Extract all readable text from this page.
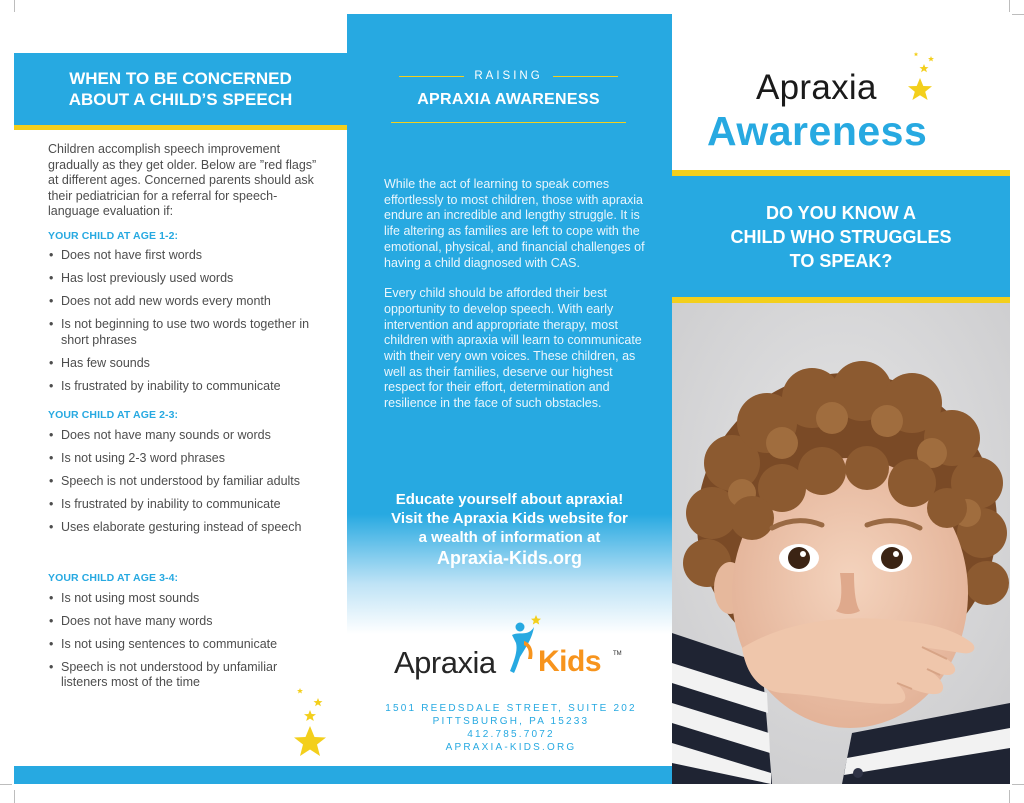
WHEN TO BE CONCERNED
ABOUT A CHILD’S SPEECH

Children accomplish speech improvement gradually as they get older. Below are ”red flags” at different ages. Concerned parents should ask their pediatrician for a referral for speech-language evaluation if:

YOUR CHILD AT AGE 1-2:
• Does not have first words
• Has lost previously used words
• Does not add new words every month
• Is not beginning to use two words together in short phrases
• Has few sounds
• Is frustrated by inability to communicate
YOUR CHILD AT AGE 2-3:
• Does not have many sounds or words
• Is not using 2-3 word phrases
• Speech is not understood by familiar adults
• Is frustrated by inability to communicate
• Uses elaborate gesturing instead of speech
YOUR CHILD AT AGE 3-4:
• Is not using most sounds
• Does not have many words
• Is not using sentences to communicate
• Speech is not understood by unfamiliar listeners most of the time
RAISING
APRAXIA AWARENESS

While the act of learning to speak comes effortlessly to most children, those with apraxia endure an incredible and lengthy struggle. It is life altering as families are left to cope with the emotional, physical, and financial challenges of having a child diagnosed with CAS.

Every child should be afforded their best opportunity to develop speech. With early intervention and appropriate therapy, most children with apraxia will learn to communicate with their very own voices. These children, as well as their families, deserve our highest respect for their effort, determination and resilience in the face of such obstacles.

Educate yourself about apraxia!
Visit the Apraxia Kids website for
a wealth of information at
Apraxia-Kids.org
Apraxia Kids TM
1501 REEDSDALE STREET, SUITE 202
PITTSBURGH, PA 15233
412.785.7072
APRAXIA-KIDS.ORG
Apraxia
Awareness
DO YOU KNOW A
CHILD WHO STRUGGLES
TO SPEAK?
